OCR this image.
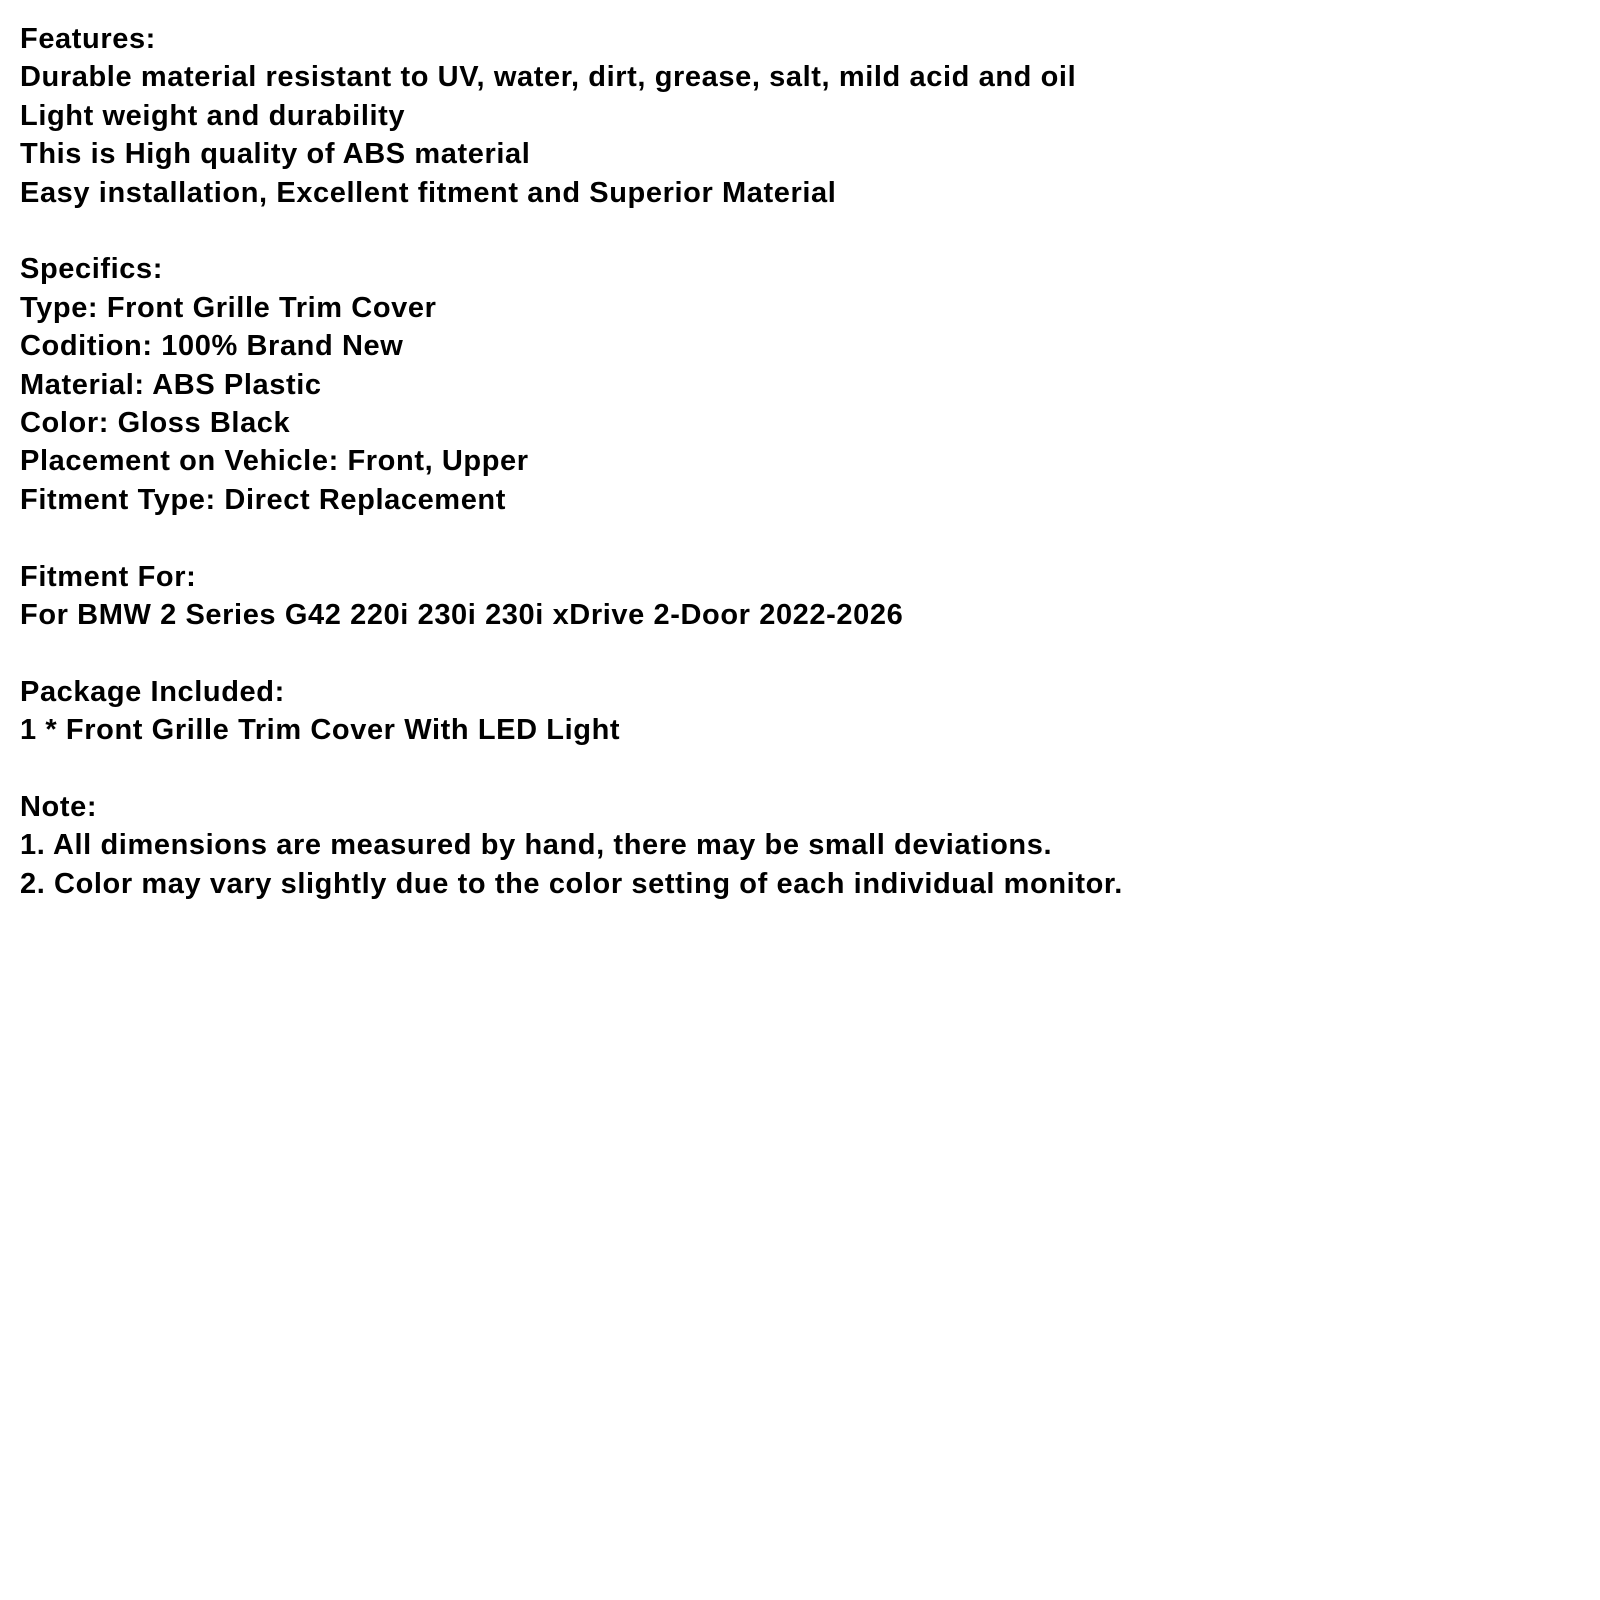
Features:
Durable material resistant to UV, water, dirt, grease, salt, mild acid and oil
Light weight and durability
This is High quality of ABS material
Easy installation, Excellent fitment and Superior Material
Specifics:
Type: Front Grille Trim Cover
Codition: 100% Brand New
Material: ABS Plastic
Color: Gloss Black
Placement on Vehicle: Front, Upper
Fitment Type: Direct Replacement
Fitment For:
For BMW 2 Series G42 220i 230i 230i xDrive 2-Door 2022-2026
Package Included:
1 * Front Grille Trim Cover With LED Light
Note:
1. All dimensions are measured by hand, there may be small deviations.
2. Color may vary slightly due to the color setting of each individual monitor.
